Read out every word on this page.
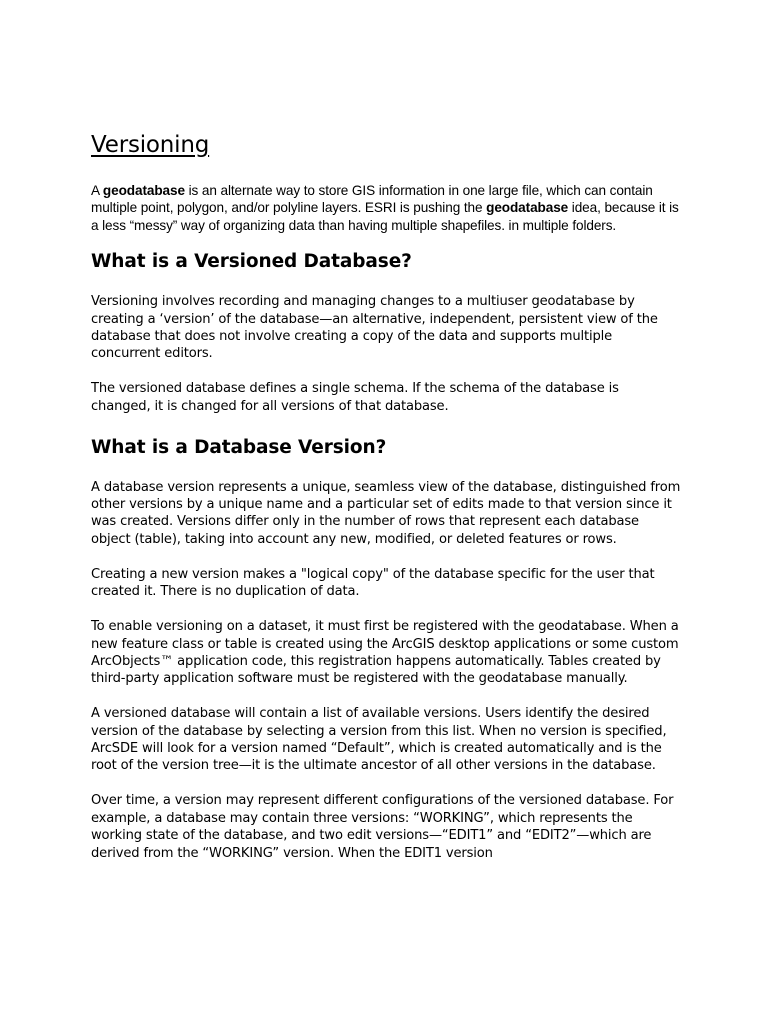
Versioning

A geodatabase is an alternate way to store GIS information in one large file, which can contain multiple point, polygon, and/or polyline layers. ESRI is pushing the geodatabase idea, because it is a less “messy” way of organizing data than having multiple shapefiles. in multiple folders.

What is a Versioned Database?

Versioning involves recording and managing changes to a multiuser geodatabase by creating a ‘version’ of the database—an alternative, independent, persistent view of the database that does not involve creating a copy of the data and supports multiple concurrent editors.

The versioned database defines a single schema. If the schema of the database is changed, it is changed for all versions of that database.

What is a Database Version?

A database version represents a unique, seamless view of the database, distinguished from other versions by a unique name and a particular set of edits made to that version since it was created. Versions differ only in the number of rows that represent each database object (table), taking into account any new, modified, or deleted features or rows.

Creating a new version makes a "logical copy" of the database specific for the user that created it. There is no duplication of data.

To enable versioning on a dataset, it must first be registered with the geodatabase. When a new feature class or table is created using the ArcGIS desktop applications or some custom ArcObjects™ application code, this registration happens automatically. Tables created by third-party application software must be registered with the geodatabase manually.

A versioned database will contain a list of available versions. Users identify the desired version of the database by selecting a version from this list. When no version is specified, ArcSDE will look for a version named “Default”, which is created automatically and is the root of the version tree—it is the ultimate ancestor of all other versions in the database.

Over time, a version may represent different configurations of the versioned database. For example, a database may contain three versions: “WORKING”, which represents the working state of the database, and two edit versions—“EDIT1” and “EDIT2”—which are derived from the “WORKING” version. When the EDIT1 version
